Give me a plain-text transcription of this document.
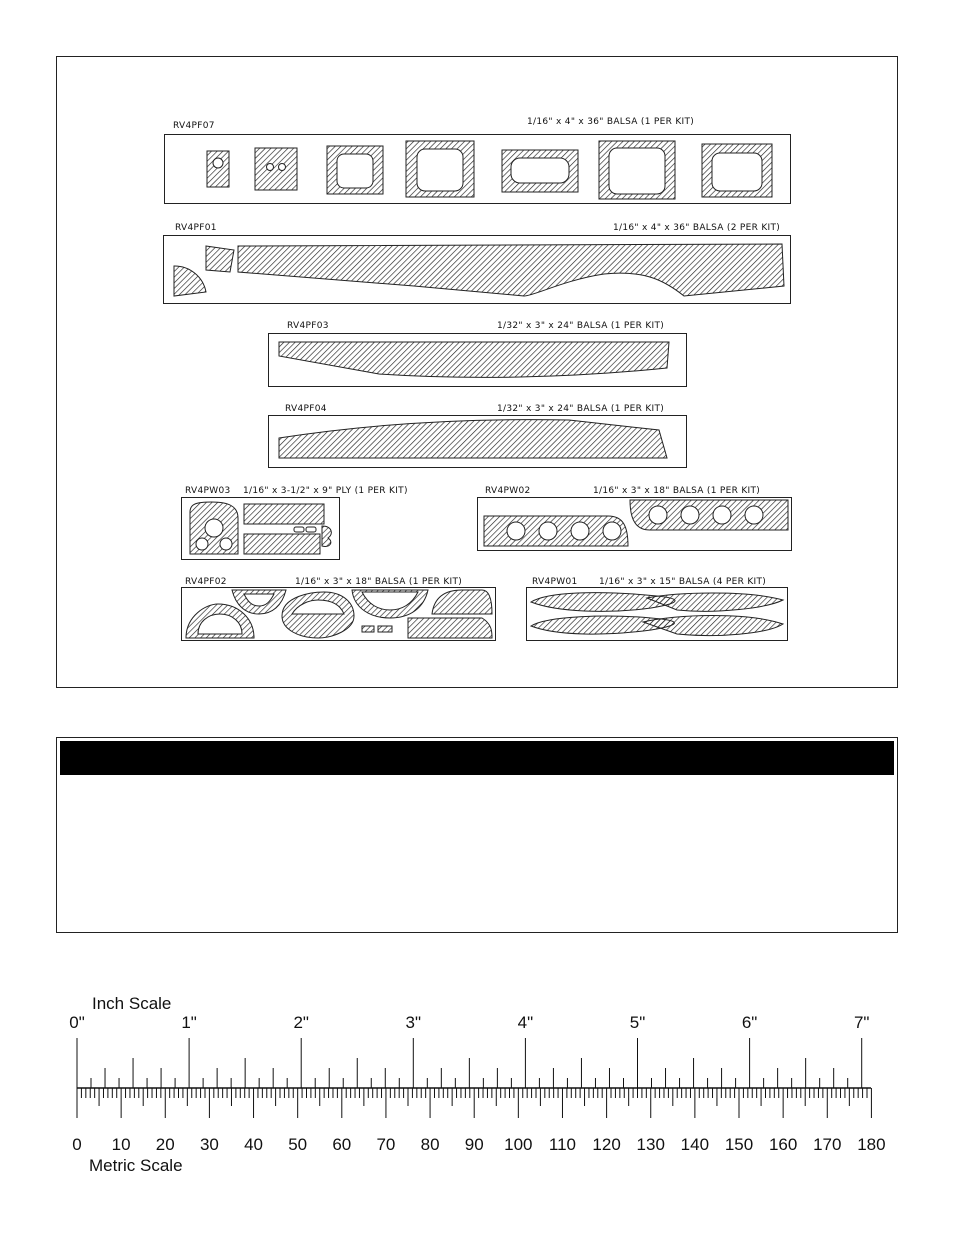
RV4PF07	1/16" x 4" x 36" BALSA (1 PER KIT)
RV4PF01	1/16" x 4" x 36" BALSA (2 PER KIT)
RV4PF03	1/32" x 3" x 24" BALSA (1 PER KIT)
RV4PF04	1/32" x 3" x 24" BALSA (1 PER KIT)
RV4PW03 1/16" x 3-1/2" x 9" PLY (1 PER KIT)	RV4PW02	1/16" x 3" x 18" BALSA (1 PER KIT)
RV4PF02	1/16" x 3" x 18" BALSA (1 PER KIT)	RV4PW01 1/16" x 3" x 15" BALSA (4 PER KIT)
Inch Scale
Metric Scale
0"	1"	2"	3"	4"	5"	6"	7"
0 10 20 30 40 50 60 70 80 90 100 110 120 130 140 150 160 170 180
